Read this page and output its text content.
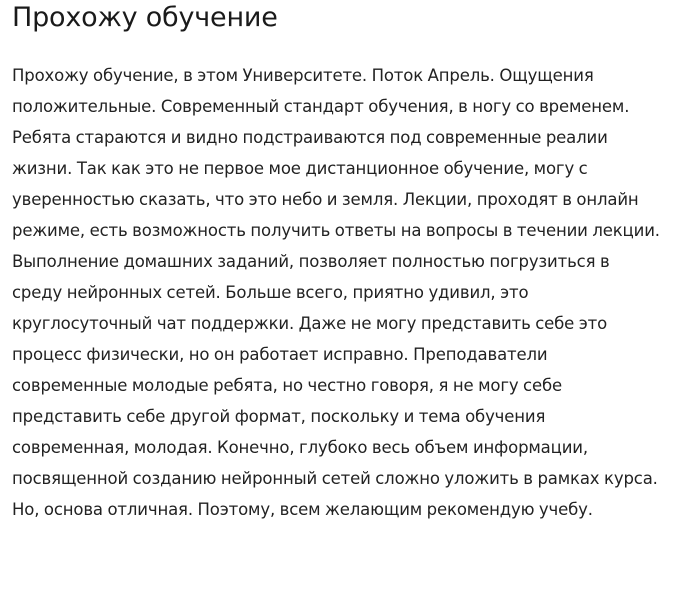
Прохожу обучение

Прохожу обучение, в этом Университете. Поток Апрель. Ощущения положительные. Современный стандарт обучения, в ногу со временем. Ребята стараются и видно подстраиваются под современные реалии жизни. Так как это не первое мое дистанционное обучение, могу с уверенностью сказать, что это небо и земля. Лекции, проходят в онлайн режиме, есть возможность получить ответы на вопросы в течении лекции. Выполнение домашних заданий, позволяет полностью погрузиться в среду нейронных сетей. Больше всего, приятно удивил, это круглосуточный чат поддержки. Даже не могу представить себе это процесс физически, но он работает исправно. Преподаватели современные молодые ребята, но честно говоря, я не могу себе представить себе другой формат, поскольку и тема обучения современная, молодая. Конечно, глубоко весь объем информации, посвященной созданию нейронный сетей сложно уложить в рамках курса. Но, основа отличная. Поэтому, всем желающим рекомендую учебу.
